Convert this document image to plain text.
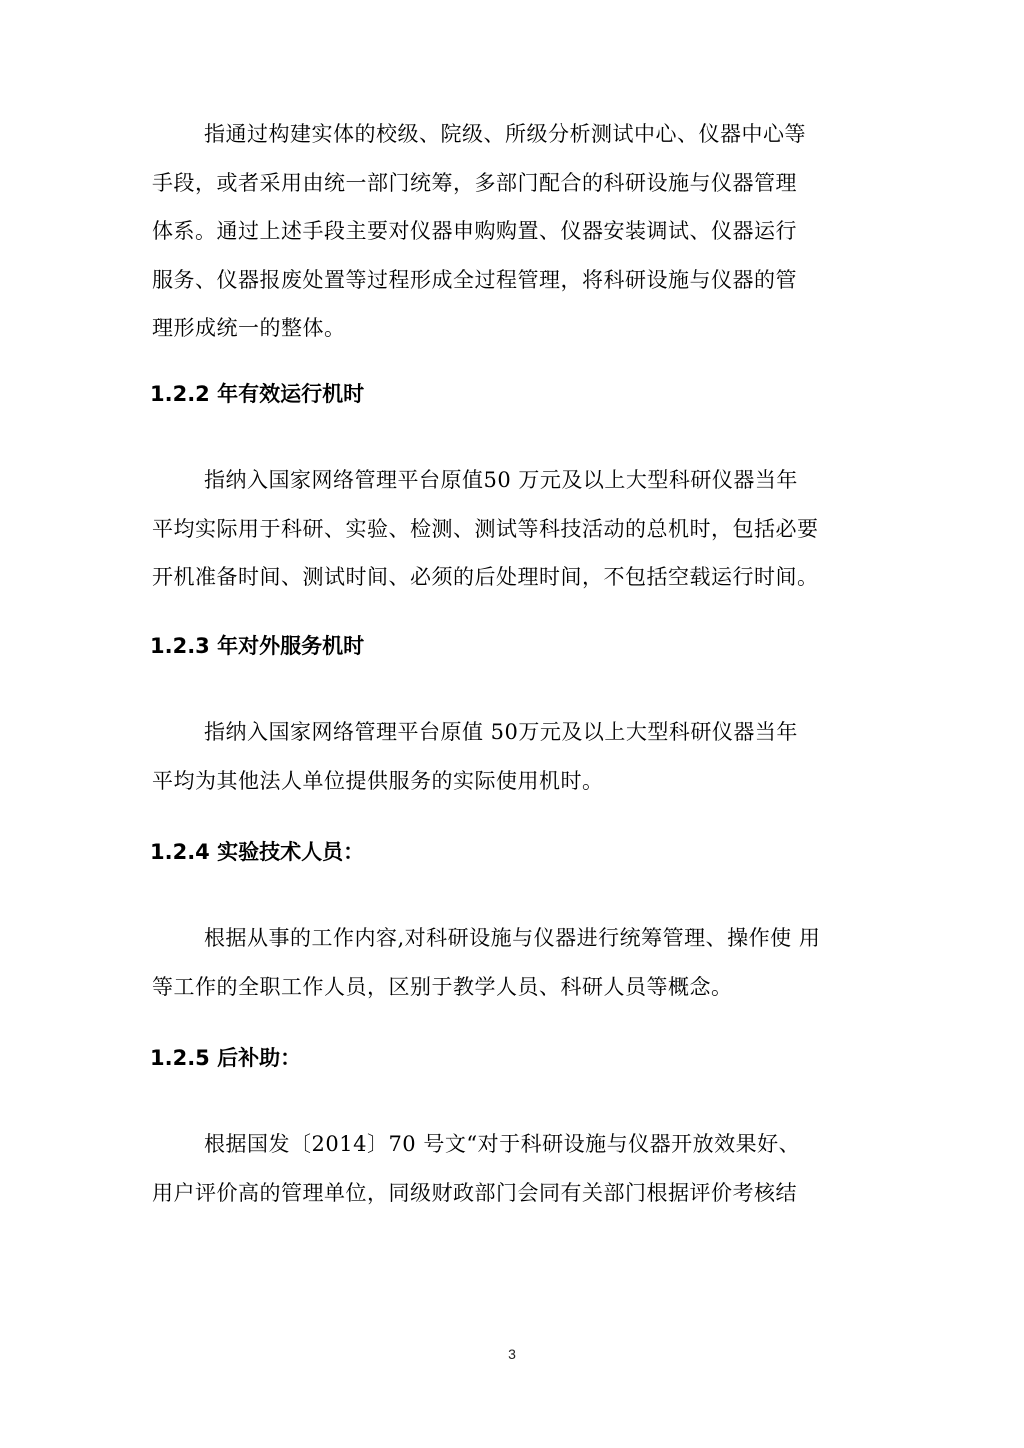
指通过构建实体的校级、院级、所级分析测试中心、仪器中心等
手段，或者采用由统一部门统筹，多部门配合的科研设施与仪器管理
体系。通过上述手段主要对仪器申购购置、仪器安装调试、仪器运行
服务、仪器报废处置等过程形成全过程管理，将科研设施与仪器的管
理形成统一的整体。
1.2.2 年有效运行机时
指纳入国家网络管理平台原值50 万元及以上大型科研仪器当年
平均实际用于科研、实验、检测、测试等科技活动的总机时，包括必要
开机准备时间、测试时间、必须的后处理时间，不包括空载运行时间。
1.2.3 年对外服务机时
指纳入国家网络管理平台原值 50万元及以上大型科研仪器当年
平均为其他法人单位提供服务的实际使用机时。
1.2.4 实验技术人员：
根据从事的工作内容,对科研设施与仪器进行统筹管理、操作使 用
等工作的全职工作人员，区别于教学人员、科研人员等概念。
1.2.5 后补助：
根据国发〔2014〕70 号文“对于科研设施与仪器开放效果好、
用户评价高的管理单位，同级财政部门会同有关部门根据评价考核结
3
